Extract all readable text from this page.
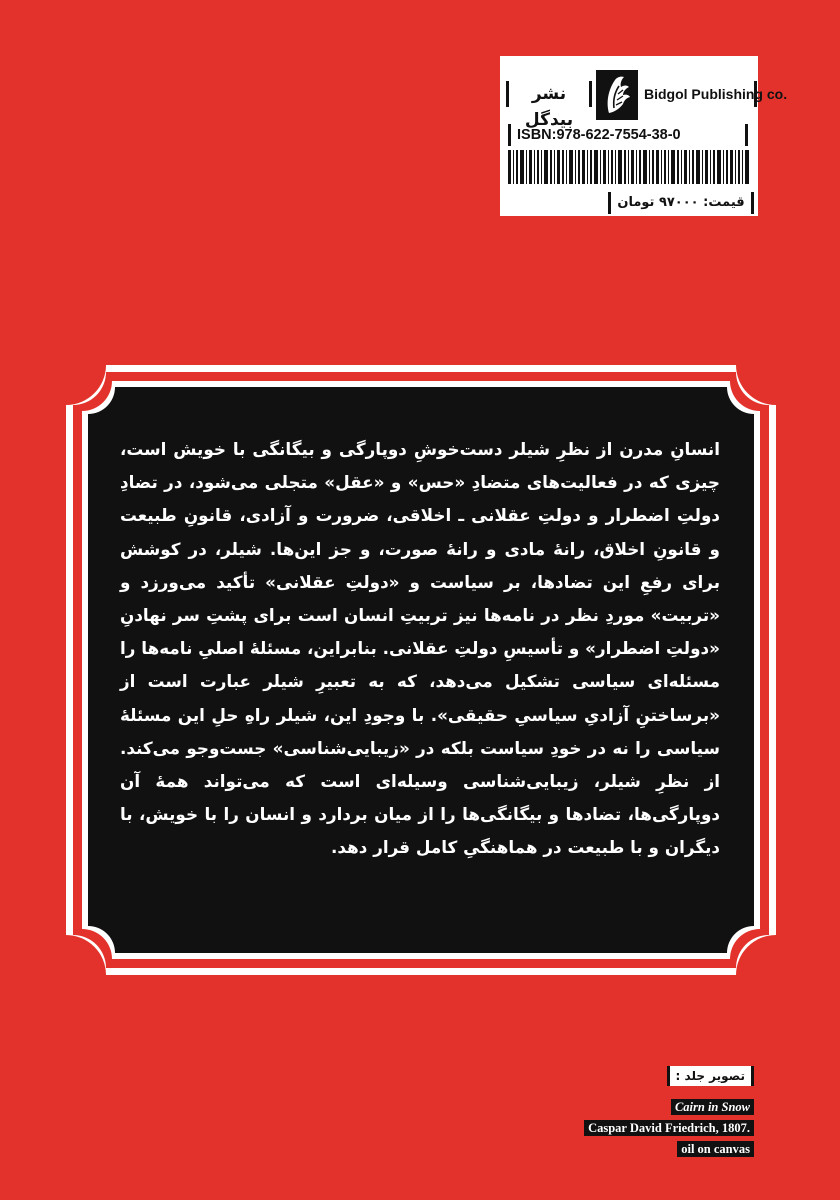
نشر بیدگل
Bidgol Publishing co.
ISBN:978-622-7554-38-0
قیمت: ۹۷۰۰۰ تومان
انسانِ مدرن از نظرِ شیلر دست‌خوشِ دوپارگی و بیگانگی با خویش است، چیزی که در فعالیت‌های متضادِ «حس» و «عقل» متجلی می‌شود، در تضادِ دولتِ اضطرار و دولتِ عقلانی ـ اخلاقی، ضرورت و آزادی، قانونِ طبیعت و قانونِ اخلاق، رانهٔ مادی و رانهٔ صورت، و جز این‌ها. شیلر، در کوشش برای رفعِ این تضادها، بر سیاست و «دولتِ عقلانی» تأکید می‌ورزد و «تربیت» موردِ نظر در نامه‌ها نیز تربیتِ انسان است برای پشتِ سر نهادنِ «دولتِ اضطرار» و تأسیسِ دولتِ عقلانی. بنابراین، مسئلهٔ اصلیِ نامه‌ها را مسئله‌ای سیاسی تشکیل می‌دهد، که به تعبیرِ شیلر عبارت است از «برساختنِ آزادیِ سیاسیِ حقیقی». با وجودِ این، شیلر راهِ حلِ این مسئلهٔ سیاسی را نه در خودِ سیاست بلکه در «زیبایی‌شناسی» جست‌وجو می‌کند. از نظرِ شیلر، زیبایی‌شناسی وسیله‌ای است که می‌تواند همهٔ آن دوپارگی‌ها، تضادها و بیگانگی‌ها را از میان بردارد و انسان را با خویش، با دیگران و با طبیعت در هماهنگیِ کامل قرار دهد.
تصویر جلد :
Cairn in Snow
Caspar David Friedrich, 1807.
oil on canvas
